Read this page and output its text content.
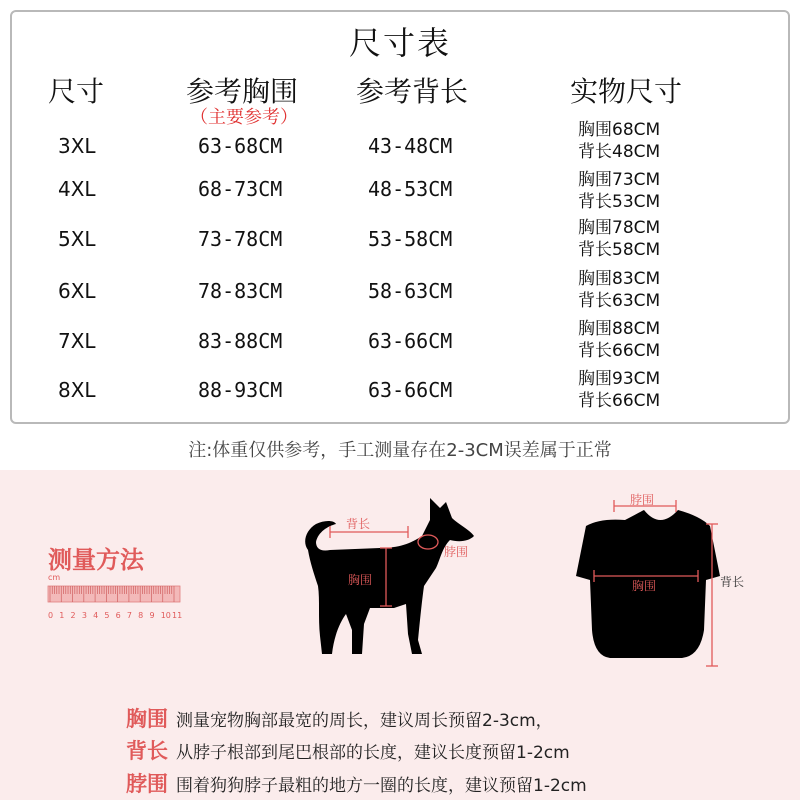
尺寸表
尺寸	参考胸围
（主要参考）
参考背长	实物尺寸
3XL	63-68CM	43-48CM
胸围68CM
背长48CM
4XL	68-73CM	48-53CM	胸围73CM
背长53CM
5XL	73-78CM	53-58CM	胸围78CM
背长58CM
6XL	78-83CM	58-63CM	胸围83CM
背长63CM
7XL	83-88CM	63-66CM	胸围88CM
背长66CM
8XL	88-93CM	63-66CM	胸围93CM
背长66CM
注:体重仅供参考，手工测量存在2-3CM误差属于正常
测量方法
cm
0 1 2 3 4 5 6 7 8 9 10 11
背长
胸围
脖围
脖围
胸围	背长
胸围 测量宠物胸部最宽的周长，建议周长预留2-3cm，
背长 从脖子根部到尾巴根部的长度，建议长度预留1-2cm
脖围 围着狗狗脖子最粗的地方一圈的长度，建议预留1-2cm
